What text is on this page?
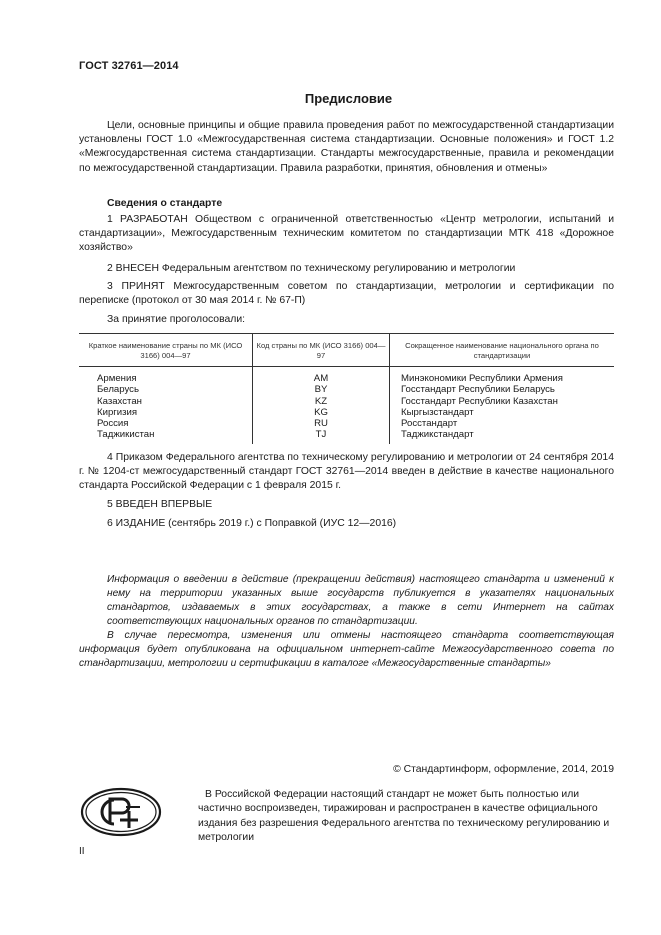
ГОСТ 32761—2014
Предисловие
Цели, основные принципы и общие правила проведения работ по межгосударственной стандартизации установлены ГОСТ 1.0 «Межгосударственная система стандартизации. Основные положения» и ГОСТ 1.2 «Межгосударственная система стандартизации. Стандарты межгосударственные, правила и рекомендации по межгосударственной стандартизации. Правила разработки, принятия, обновления и отмены»
Сведения о стандарте
1 РАЗРАБОТАН Обществом с ограниченной ответственностью «Центр метрологии, испытаний и стандартизации», Межгосударственным техническим комитетом по стандартизации МТК 418 «Дорожное хозяйство»
2 ВНЕСЕН Федеральным агентством по техническому регулированию и метрологии
3 ПРИНЯТ Межгосударственным советом по стандартизации, метрологии и сертификации по переписке (протокол от 30 мая 2014 г. № 67-П)
За принятие проголосовали:
Краткое наименование страны по МК (ИСО 3166) 004—97	Код страны по МК (ИСО 3166) 004—97	Сокращенное наименование национального органа по стандартизации
Армения	AM	Минэкономики Республики Армения
Беларусь	BY	Госстандарт Республики Беларусь
Казахстан	KZ	Госстандарт Республики Казахстан
Киргизия	KG	Кыргызстандарт
Россия	RU	Росстандарт
Таджикистан	TJ	Таджикстандарт
4 Приказом Федерального агентства по техническому регулированию и метрологии от 24 сентября 2014 г. № 1204-ст межгосударственный стандарт ГОСТ 32761—2014 введен в действие в качестве национального стандарта Российской Федерации с 1 февраля 2015 г.
5 ВВЕДЕН ВПЕРВЫЕ
6 ИЗДАНИЕ (сентябрь 2019 г.) с Поправкой (ИУС 12—2016)
Информация о введении в действие (прекращении действия) настоящего стандарта и изменений к нему на территории указанных выше государств публикуется в указателях национальных стандартов, издаваемых в этих государствах, а также в сети Интернет на сайтах соответствующих национальных органов по стандартизации.
В случае пересмотра, изменения или отмены настоящего стандарта соответствующая информация будет опубликована на официальном интернет-сайте Межгосударственного совета по стандартизации, метрологии и сертификации в каталоге «Межгосударственные стандарты»
© Стандартинформ, оформление, 2014, 2019
В Российской Федерации настоящий стандарт не может быть полностью или частично воспроизведен, тиражирован и распространен в качестве официального издания без разрешения Федерального агентства по техническому регулированию и метрологии
II
